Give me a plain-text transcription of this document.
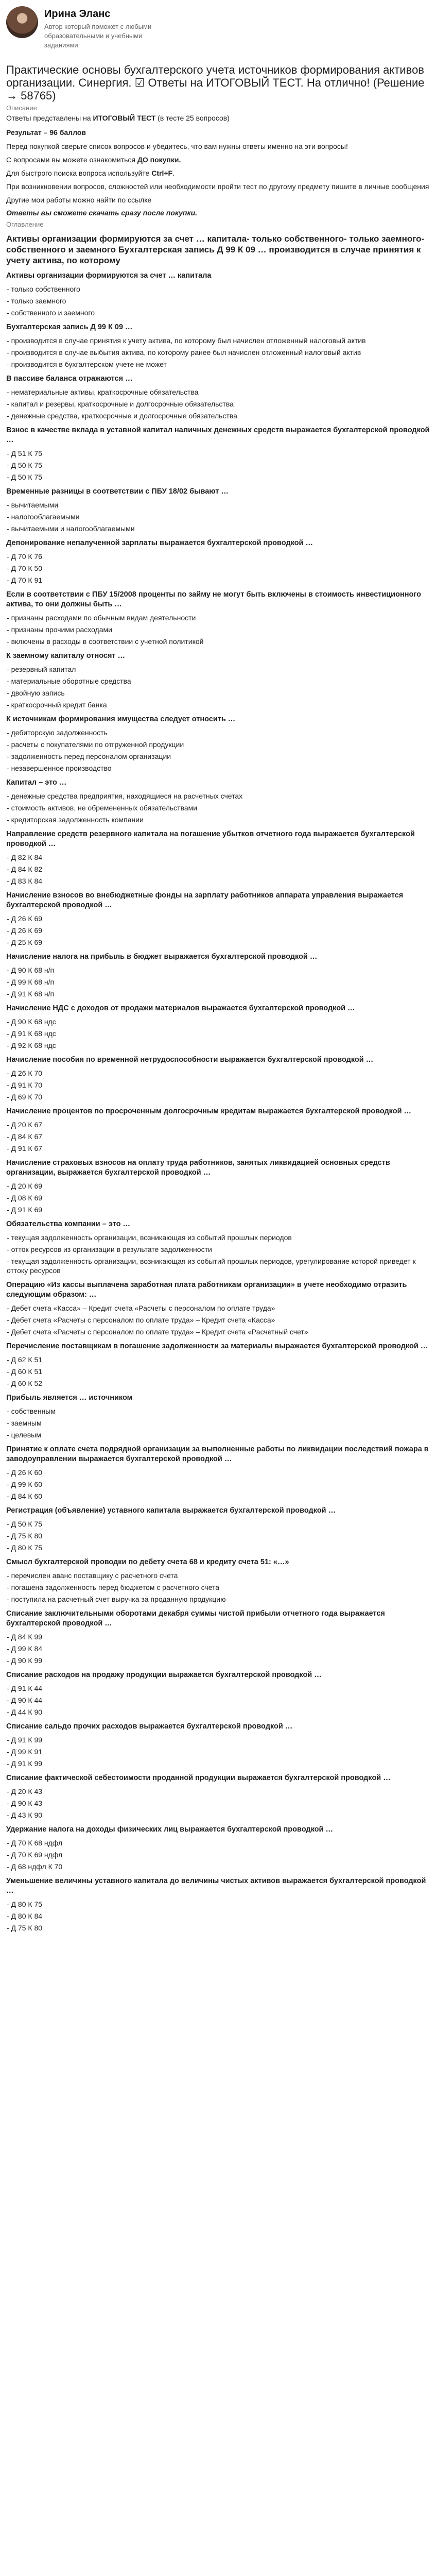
Ирина Эланс
Автор который поможет с любыми образовательными и учебными заданиями
Практические основы бухгалтерского учета источников формирования активов организации. Синергия. ☑ Ответы на ИТОГОВЫЙ ТЕСТ. На отлично! (Решение → 58765)
Описание
Ответы представлены на ИТОГОВЫЙ ТЕСТ (в тесте 25 вопросов)
Результат – 96 баллов
Перед покупкой сверьте список вопросов и убедитесь, что вам нужны ответы именно на эти вопросы!
С вопросами вы можете ознакомиться ДО покупки.
Для быстрого поиска вопроса используйте Ctrl+F.
При возникновении вопросов, сложностей или необходимости пройти тест по другому предмету пишите в личные сообщения
Другие мои работы можно найти по ссылке
Ответы вы сможете скачать сразу после покупки.
Оглавление
Активы организации формируются за счет … капитала- только собственного- только заемного- собственного и заемного Бухгалтерская запись Д 99 К 09 … производится в случае принятия к учету актива, по которому
Активы организации формируются за счет … капитала
- только собственного
- только заемного
- собственного и заемного
Бухгалтерская запись Д 99 К 09 …
- производится в случае принятия к учету актива, по которому был начислен отложенный налоговый актив
- производится в случае выбытия актива, по которому ранее был начислен отложенный налоговый актив
- производится в бухгалтерском учете не может
В пассиве баланса отражаются …
- нематериальные активы, краткосрочные обязательства
- капитал и резервы, краткосрочные и долгосрочные обязательства
- денежные средства, краткосрочные и долгосрочные обязательства
Взнос в качестве вклада в уставной капитал наличных денежных средств выражается бухгалтерской проводкой …
- Д 51 К 75
- Д 50 К 75
- Д 50 К 75
Временные разницы в соответствии с ПБУ 18/02 бывают …
- вычитаемыми
- налогооблагаемыми
- вычитаемыми и налогооблагаемыми
Депонирование непалученной зарплаты выражается бухгалтерской проводкой …
- Д 70 К 76
- Д 70 К 50
- Д 70 К 91
Если в соответствии с ПБУ 15/2008 проценты по займу не могут быть включены в стоимость инвестиционного актива, то они должны быть …
- признаны расходами по обычным видам деятельности
- признаны прочими расходами
- включены в расходы в соответствии с учетной политикой
К заемному капиталу относят …
- резервный капитал
- материальные оборотные средства
- двойную запись
- краткосрочный кредит банка
К источникам формирования имущества следует относить …
- дебиторскую задолженность
- расчеты с покупателями по отгруженной продукции
- задолженность перед персоналом организации
- незавершенное производство
Капитал – это …
- денежные средства предприятия, находящиеся на расчетных счетах
- стоимость активов, не обремененных обязательствами
- кредиторская задолженность компании
Направление средств резервного капитала на погашение убытков отчетного года выражается бухгалтерской проводкой …
- Д 82 К 84
- Д 84 К 82
- Д 83 К 84
Начисление взносов во внебюджетные фонды на зарплату работников аппарата управления выражается бухгалтерской проводкой …
- Д 26 К 69
- Д 26 К 69
- Д 25 К 69
Начисление налога на прибыль в бюджет выражается бухгалтерской проводкой …
- Д 90 К 68 н/п
- Д 99 К 68 н/п
- Д 91 К 68 н/п
Начисление НДС с доходов от продажи материалов выражается бухгалтерской проводкой …
- Д 90 К 68 ндс
- Д 91 К 68 ндс
- Д 92 К 68 ндс
Начисление пособия по временной нетрудоспособности выражается бухгалтерской проводкой …
- Д 26 К 70
- Д 91 К 70
- Д 69 К 70
Начисление процентов по просроченным долгосрочным кредитам выражается бухгалтерской проводкой …
- Д 20 К 67
- Д 84 К 67
- Д 91 К 67
Начисление страховых взносов на оплату труда работников, занятых ликвидацией основных средств организации, выражается бухгалтерской проводкой …
- Д 20 К 69
- Д 08 К 69
- Д 91 К 69
Обязательства компании – это …
- текущая задолженность организации, возникающая из событий прошлых периодов
- отток ресурсов из организации в результате задолженности
- текущая задолженность организации, возникающая из событий прошлых периодов, урегулирование которой приведет к оттоку ресурсов
Операцию «Из кассы выплачена заработная плата работникам организации» в учете необходимо отразить следующим образом: …
- Дебет счета «Касса» – Кредит счета «Расчеты с персоналом по оплате труда»
- Дебет счета «Расчеты с персоналом по оплате труда» – Кредит счета «Касса»
- Дебет счета «Расчеты с персоналом по оплате труда» – Кредит счета «Расчетный счет»
Перечисление поставщикам в погашение задолженности за материалы выражается бухгалтерской проводкой …
- Д 62 К 51
- Д 60 К 51
- Д 60 К 52
Прибыль является … источником
- собственным
- заемным
- целевым
Принятие к оплате счета подрядной организации за выполненные работы по ликвидации последствий пожара в заводоуправлении выражается бухгалтерской проводкой …
- Д 26 К 60
- Д 99 К 60
- Д 84 К 60
Регистрация (объявление) уставного капитала выражается бухгалтерской проводкой …
- Д 50 К 75
- Д 75 К 80
- Д 80 К 75
Смысл бухгалтерской проводки по дебету счета 68 и кредиту счета 51: «…»
- перечислен аванс поставщику с расчетного счета
- погашена задолженность перед бюджетом с расчетного счета
- поступила на расчетный счет выручка за проданную продукцию
Списание заключительными оборотами декабря суммы чистой прибыли отчетного года выражается бухгалтерской проводкой …
- Д 84 К 99
- Д 99 К 84
- Д 90 К 99
Списание расходов на продажу продукции выражается бухгалтерской проводкой …
- Д 91 К 44
- Д 90 К 44
- Д 44 К 90
Списание сальдо прочих расходов выражается бухгалтерской проводкой …
- Д 91 К 99
- Д 99 К 91
- Д 91 К 99
Списание фактической себестоимости проданной продукции выражается бухгалтерской проводкой …
- Д 20 К 43
- Д 90 К 43
- Д 43 К 90
Удержание налога на доходы физических лиц выражается бухгалтерской проводкой …
- Д 70 К 68 ндфл
- Д 70 К 69 ндфл
- Д 68 ндфл К 70
Уменьшение величины уставного капитала до величины чистых активов выражается бухгалтерской проводкой …
- Д 80 К 75
- Д 80 К 84
- Д 75 К 80
